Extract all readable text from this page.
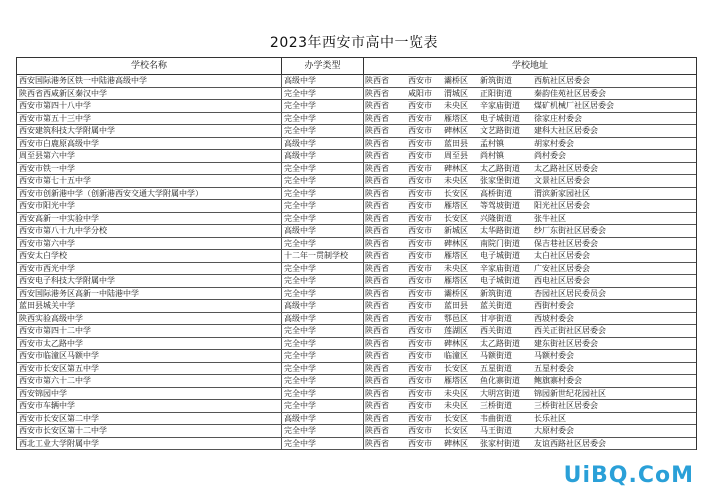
2023年西安市高中一览表
学校名称	办学类型	学校地址
西安国际港务区铁一中陆港高级中学	高级中学	陕西省	西安市	灞桥区	新筑街道	西航社区居委会
陕西省西咸新区秦汉中学	完全中学	陕西省	咸阳市	渭城区	正阳街道	秦韵佳苑社区居委会
西安市第四十八中学	完全中学	陕西省	西安市	未央区	辛家庙街道	煤矿机械厂社区居委会
西安市第五十三中学	完全中学	陕西省	西安市	雁塔区	电子城街道	徐家庄村委会
西安建筑科技大学附属中学	完全中学	陕西省	西安市	碑林区	文艺路街道	建科大社区居委会
西安市白鹿原高级中学	高级中学	陕西省	西安市	蓝田县	孟村镇	胡家村委会
周至县第六中学	高级中学	陕西省	西安市	周至县	尚村镇	尚村委会
西安市铁一中学	完全中学	陕西省	西安市	碑林区	太乙路街道	太乙路社区居委会
西安市第七十五中学	完全中学	陕西省	西安市	未央区	张家堡街道	文景社区居委会
西安市创新港中学（创新港西安交通大学附属中学）	完全中学	陕西省	西安市	长安区	高桥街道	渭滨新家园社区
西安市阳光中学	完全中学	陕西省	西安市	雁塔区	等驾坡街道	阳光社区居委会
西安高新一中实验中学	完全中学	陕西省	西安市	长安区	兴隆街道	张牛社区
西安市第八十九中学分校	高级中学	陕西省	西安市	新城区	太华路街道	纱厂东街社区居委会
西安市第六中学	完全中学	陕西省	西安市	碑林区	南院门街道	保吉巷社区居委会
西安太白学校	十二年一贯制学校	陕西省	西安市	雁塔区	电子城街道	太白社区居委会
西安市西光中学	完全中学	陕西省	西安市	未央区	辛家庙街道	广安社区居委会
西安电子科技大学附属中学	完全中学	陕西省	西安市	雁塔区	电子城街道	西电社区居委会
西安国际港务区高新一中陆港中学	完全中学	陕西省	西安市	灞桥区	新筑街道	杏园社区居民委员会
蓝田县城关中学	高级中学	陕西省	西安市	蓝田县	蓝关街道	西街村委会
陕西实验高级中学	高级中学	陕西省	西安市	鄠邑区	甘亭街道	西坡村委会
西安市第四十二中学	完全中学	陕西省	西安市	莲湖区	西关街道	西关正街社区居委会
西安市太乙路中学	完全中学	陕西省	西安市	碑林区	太乙路街道	建东街社区居委会
西安市临潼区马额中学	完全中学	陕西省	西安市	临潼区	马额街道	马额村委会
西安市长安区第五中学	完全中学	陕西省	西安市	长安区	五星街道	五星村委会
西安市第六十二中学	完全中学	陕西省	西安市	雁塔区	鱼化寨街道	鲍旗寨村委会
西安锦园中学	完全中学	陕西省	西安市	未央区	大明宫街道	锦园新世纪花园社区
西安市车辆中学	完全中学	陕西省	西安市	未央区	三桥街道	三桥街社区居委会
西安市长安区第二中学	高级中学	陕西省	西安市	长安区	韦曲街道	长乐社区
西安市长安区第十二中学	完全中学	陕西省	西安市	长安区	马王街道	大原村委会
西北工业大学附属中学	完全中学	陕西省	西安市	碑林区	张家村街道	友谊西路社区居委会
UiBQ.CoM
